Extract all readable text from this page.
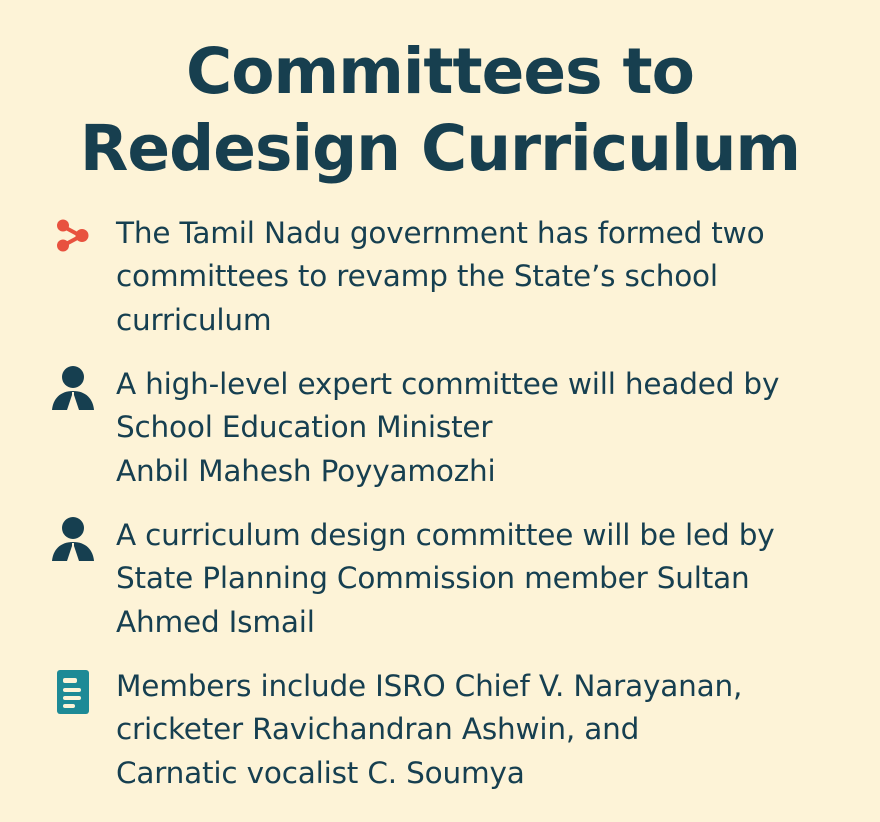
Committees to
Redesign Curriculum
The Tamil Nadu government has formed two
committees to revamp the State’s school
curriculum
A high-level expert committee will headed by
School Education Minister
Anbil Mahesh Poyyamozhi
A curriculum design committee will be led by
State Planning Commission member Sultan
Ahmed Ismail
Members include ISRO Chief V. Narayanan,
cricketer Ravichandran Ashwin, and
Carnatic vocalist C. Soumya
